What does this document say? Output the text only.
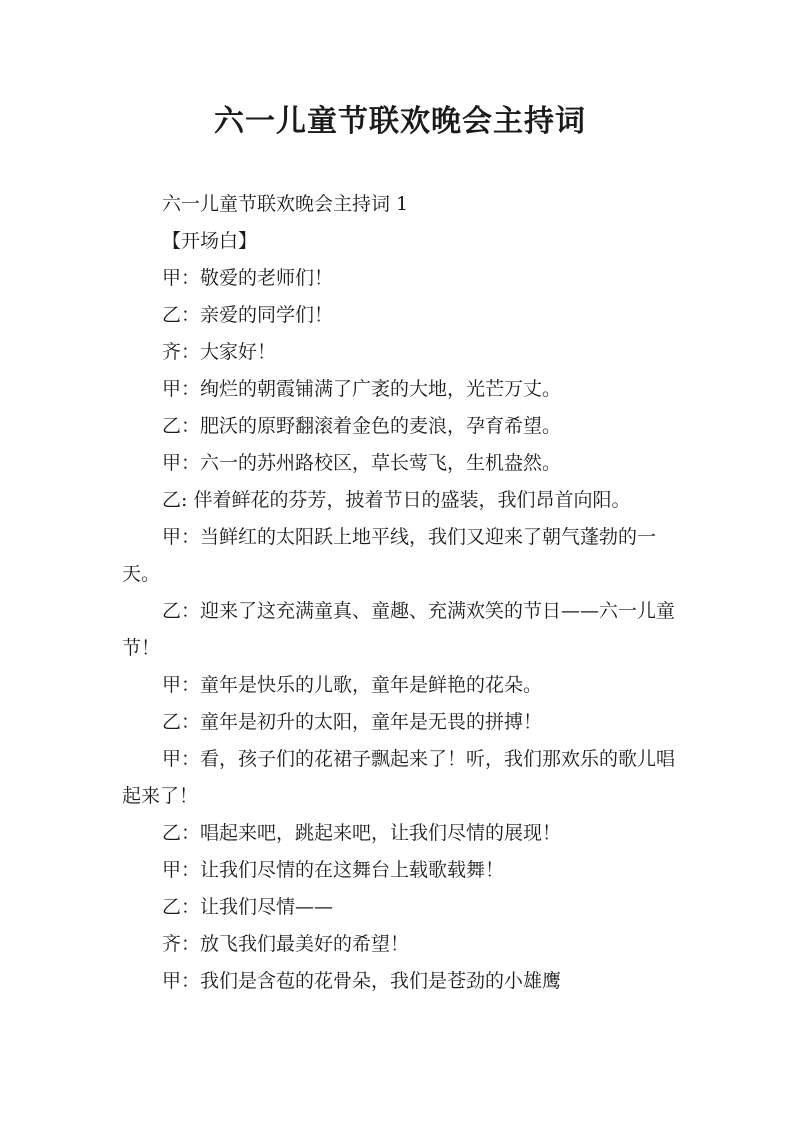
六一儿童节联欢晚会主持词

六一儿童节联欢晚会主持词 1

【开场白】

甲：敬爱的老师们！

乙：亲爱的同学们！

齐：大家好！

甲：绚烂的朝霞铺满了广袤的大地，光芒万丈。

乙：肥沃的原野翻滚着金色的麦浪，孕育希望。

甲：六一的苏州路校区，草长莺飞，生机盎然。

乙: 伴着鲜花的芬芳，披着节日的盛装，我们昂首向阳。

甲：当鲜红的太阳跃上地平线，我们又迎来了朝气蓬勃的一天。

乙：迎来了这充满童真、童趣、充满欢笑的节日——六一儿童节！

甲：童年是快乐的儿歌，童年是鲜艳的花朵。

乙：童年是初升的太阳，童年是无畏的拼搏！

甲：看，孩子们的花裙子飘起来了！听，我们那欢乐的歌儿唱起来了！

乙：唱起来吧，跳起来吧，让我们尽情的展现！

甲：让我们尽情的在这舞台上载歌载舞！

乙：让我们尽情——

齐：放飞我们最美好的希望！

甲：我们是含苞的花骨朵，我们是苍劲的小雄鹰
